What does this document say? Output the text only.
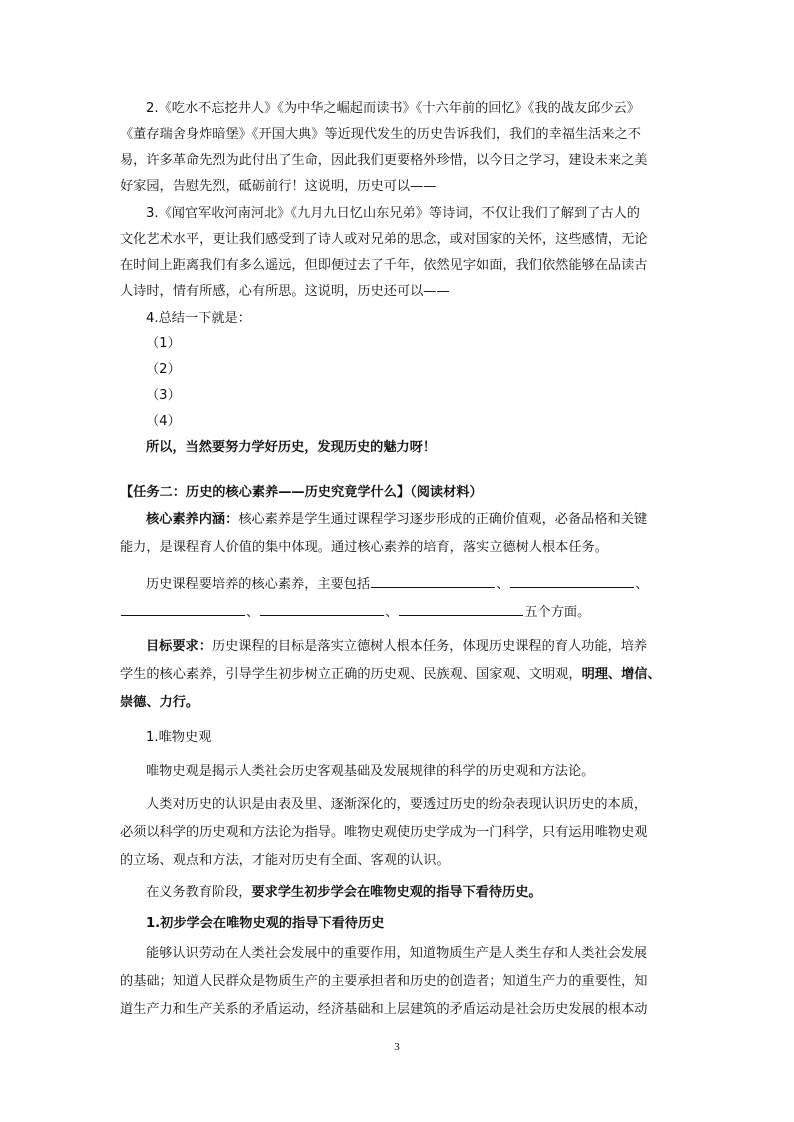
2.《吃水不忘挖井人》《为中华之崛起而读书》《十六年前的回忆》《我的战友邱少云》
《董存瑞舍身炸暗堡》《开国大典》等近现代发生的历史告诉我们，我们的幸福生活来之不
易，许多革命先烈为此付出了生命，因此我们更要格外珍惜，以今日之学习，建设未来之美
好家园，告慰先烈，砥砺前行！这说明，历史可以——
3.《闻官军收河南河北》《九月九日忆山东兄弟》等诗词，不仅让我们了解到了古人的
文化艺术水平，更让我们感受到了诗人或对兄弟的思念，或对国家的关怀，这些感情，无论
在时间上距离我们有多么遥远，但即便过去了千年，依然见字如面，我们依然能够在品读古
人诗时，情有所感，心有所思。这说明，历史还可以——
4.总结一下就是：
（1）
（2）
（3）
（4）
所以，当然要努力学好历史，发现历史的魅力呀！
【任务二：历史的核心素养——历史究竟学什么】（阅读材料）
核心素养内涵：核心素养是学生通过课程学习逐步形成的正确价值观，必备品格和关键
能力，是课程育人价值的集中体现。通过核心素养的培育，落实立德树人根本任务。
历史课程要培养的核心素养，主要包括	、	、
、	、	五个方面。
目标要求：历史课程的目标是落实立德树人根本任务，体现历史课程的育人功能，培养
学生的核心素养，引导学生初步树立正确的历史观、民族观、国家观、文明观，明理、增信、
崇德、力行。
1.唯物史观
唯物史观是揭示人类社会历史客观基础及发展规律的科学的历史观和方法论。
人类对历史的认识是由表及里、逐渐深化的，要透过历史的纷杂表现认识历史的本质，
必须以科学的历史观和方法论为指导。唯物史观使历史学成为一门科学，只有运用唯物史观
的立场、观点和方法，才能对历史有全面、客观的认识。
在义务教育阶段，要求学生初步学会在唯物史观的指导下看待历史。
1.初步学会在唯物史观的指导下看待历史
能够认识劳动在人类社会发展中的重要作用，知道物质生产是人类生存和人类社会发展
的基础；知道人民群众是物质生产的主要承担者和历史的创造者；知道生产力的重要性，知
道生产力和生产关系的矛盾运动，经济基础和上层建筑的矛盾运动是社会历史发展的根本动
3
